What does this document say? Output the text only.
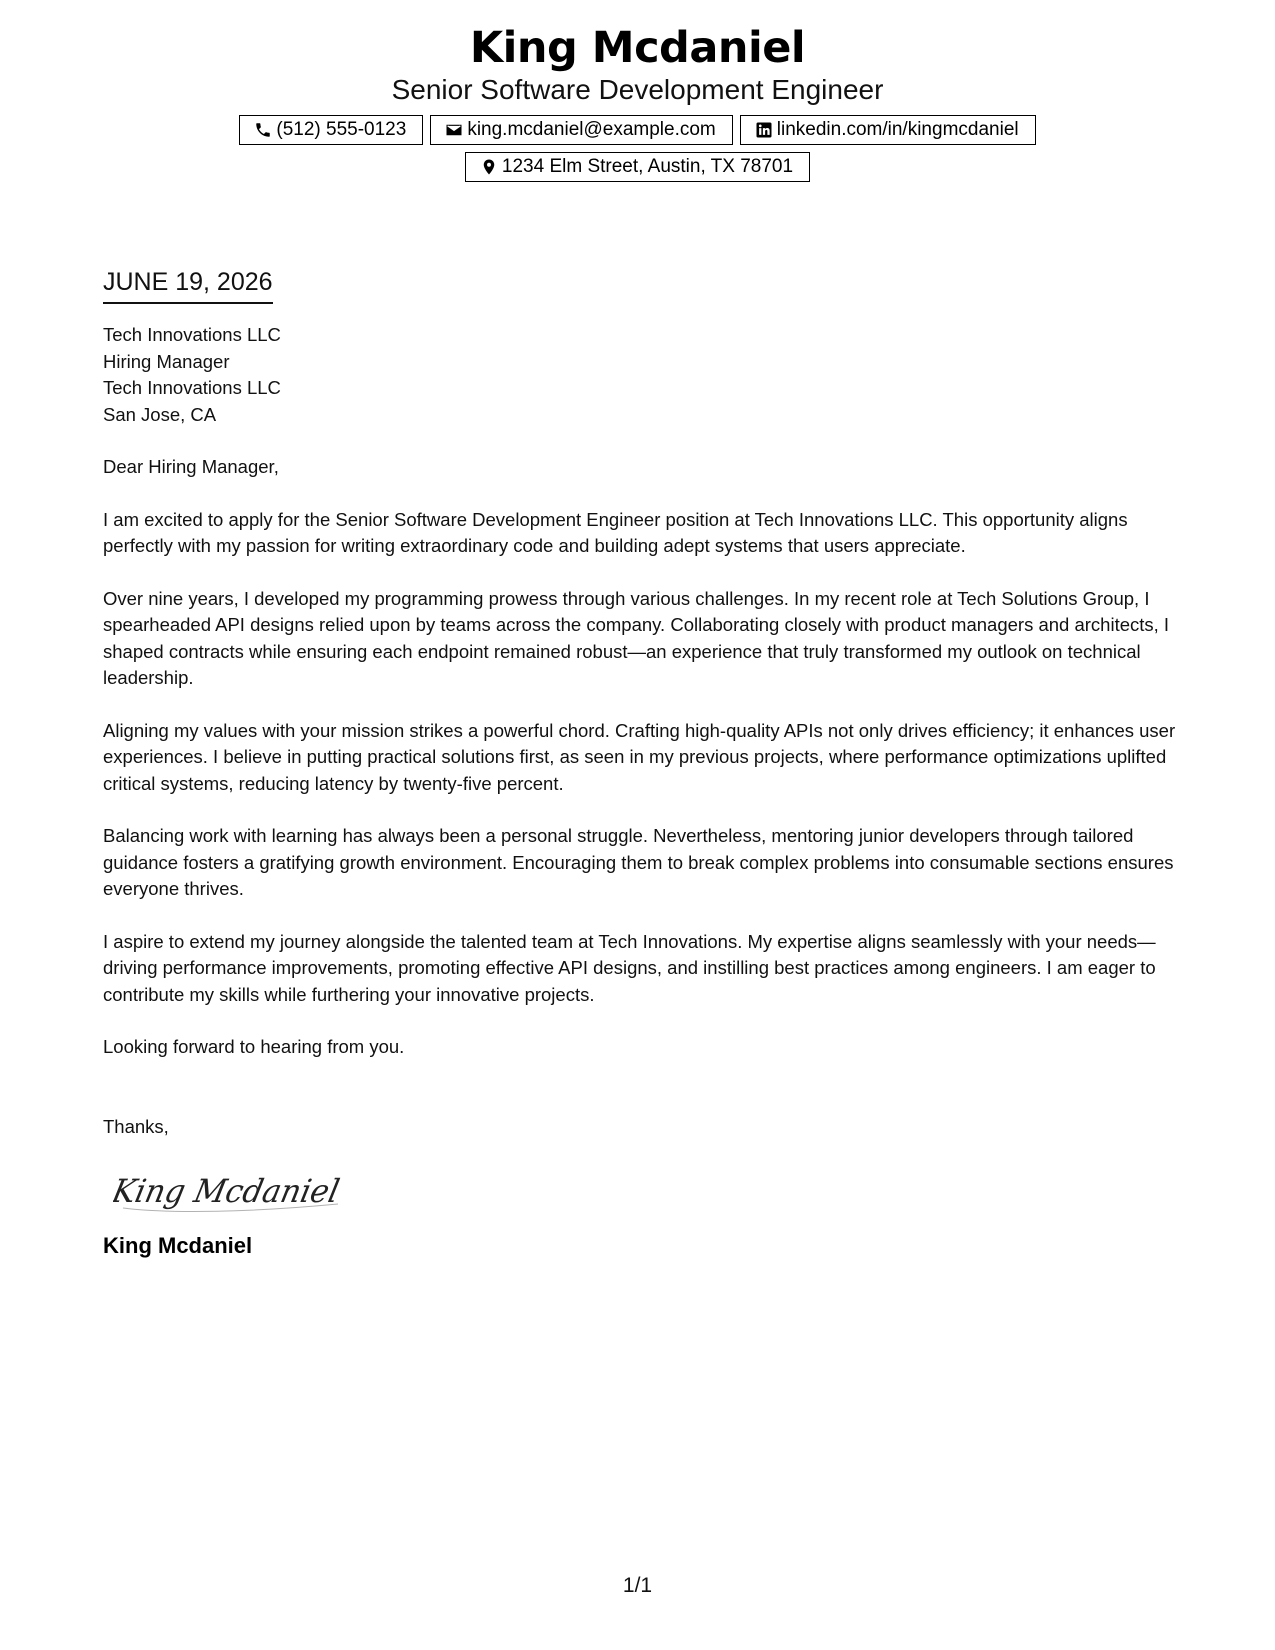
King Mcdaniel
Senior Software Development Engineer
(512) 555-0123	king.mcdaniel@example.com	linkedin.com/in/kingmcdaniel
1234 Elm Street, Austin, TX 78701
JUNE 19, 2026
Tech Innovations LLC
Hiring Manager
Tech Innovations LLC
San Jose, CA
Dear Hiring Manager,

I am excited to apply for the Senior Software Development Engineer position at Tech Innovations LLC. This opportunity aligns perfectly with my passion for writing extraordinary code and building adept systems that users appreciate.

Over nine years, I developed my programming prowess through various challenges. In my recent role at Tech Solutions Group, I spearheaded API designs relied upon by teams across the company. Collaborating closely with product managers and architects, I shaped contracts while ensuring each endpoint remained robust—an experience that truly transformed my outlook on technical leadership.

Aligning my values with your mission strikes a powerful chord. Crafting high-quality APIs not only drives efficiency; it enhances user experiences. I believe in putting practical solutions first, as seen in my previous projects, where performance optimizations uplifted critical systems, reducing latency by twenty-five percent.

Balancing work with learning has always been a personal struggle. Nevertheless, mentoring junior developers through tailored guidance fosters a gratifying growth environment. Encouraging them to break complex problems into consumable sections ensures everyone thrives.

I aspire to extend my journey alongside the talented team at Tech Innovations. My expertise aligns seamlessly with your needs—driving performance improvements, promoting effective API designs, and instilling best practices among engineers. I am eager to contribute my skills while furthering your innovative projects.

Looking forward to hearing from you.
Thanks,
King Mcdaniel
King Mcdaniel
1/1
